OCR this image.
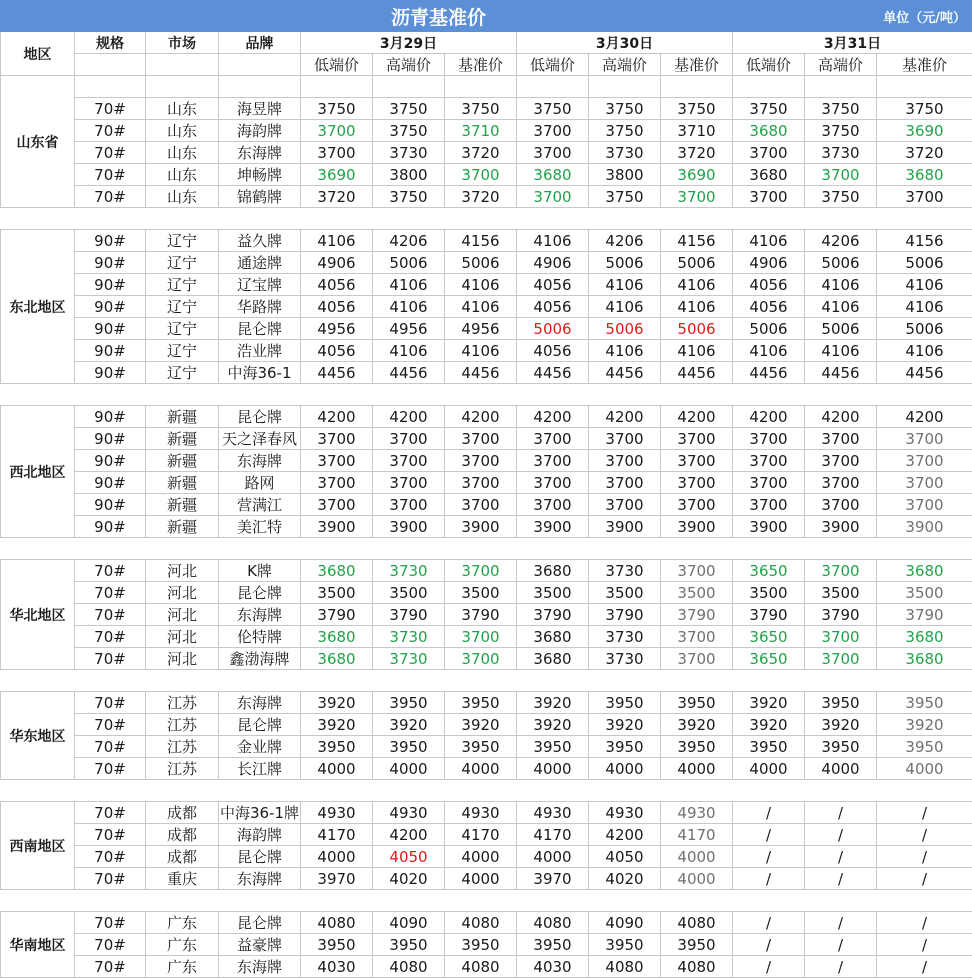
沥青基准价												单位（元/吨）
地区	规格	市场	品牌	3月29日			3月30日			3月31日		
				低端价	高端价	基准价	低端价	高端价	基准价	低端价	高端价	基准价
山东省												
	70#	山东	海昱牌	3750	3750	3750	3750	3750	3750	3750	3750	3750
	70#	山东	海韵牌	3700	3750	3710	3700	3750	3710	3680	3750	3690
	70#	山东	东海牌	3700	3730	3720	3700	3730	3720	3700	3730	3720
	70#	山东	坤畅牌	3690	3800	3700	3680	3800	3690	3680	3700	3680
	70#	山东	锦鹤牌	3720	3750	3720	3700	3750	3700	3700	3750	3700

东北地区	90#	辽宁	益久牌	4106	4206	4156	4106	4206	4156	4106	4206	4156
	90#	辽宁	通途牌	4906	5006	5006	4906	5006	5006	4906	5006	5006
	90#	辽宁	辽宝牌	4056	4106	4106	4056	4106	4106	4056	4106	4106
	90#	辽宁	华路牌	4056	4106	4106	4056	4106	4106	4056	4106	4106
	90#	辽宁	昆仑牌	4956	4956	4956	5006	5006	5006	5006	5006	5006
	90#	辽宁	浩业牌	4056	4106	4106	4056	4106	4106	4106	4106	4106
	90#	辽宁	中海36-1	4456	4456	4456	4456	4456	4456	4456	4456	4456

西北地区	90#	新疆	昆仑牌	4200	4200	4200	4200	4200	4200	4200	4200	4200
	90#	新疆	天之泽春风	3700	3700	3700	3700	3700	3700	3700	3700	3700
	90#	新疆	东海牌	3700	3700	3700	3700	3700	3700	3700	3700	3700
	90#	新疆	路网	3700	3700	3700	3700	3700	3700	3700	3700	3700
	90#	新疆	营满江	3700	3700	3700	3700	3700	3700	3700	3700	3700
	90#	新疆	美汇特	3900	3900	3900	3900	3900	3900	3900	3900	3900

华北地区	70#	河北	K牌	3680	3730	3700	3680	3730	3700	3650	3700	3680
	70#	河北	昆仑牌	3500	3500	3500	3500	3500	3500	3500	3500	3500
	70#	河北	东海牌	3790	3790	3790	3790	3790	3790	3790	3790	3790
	70#	河北	伦特牌	3680	3730	3700	3680	3730	3700	3650	3700	3680
	70#	河北	鑫渤海牌	3680	3730	3700	3680	3730	3700	3650	3700	3680

华东地区	70#	江苏	东海牌	3920	3950	3950	3920	3950	3950	3920	3950	3950
	70#	江苏	昆仑牌	3920	3920	3920	3920	3920	3920	3920	3920	3920
	70#	江苏	金业牌	3950	3950	3950	3950	3950	3950	3950	3950	3950
	70#	江苏	长江牌	4000	4000	4000	4000	4000	4000	4000	4000	4000

西南地区	70#	成都	中海36-1牌	4930	4930	4930	4930	4930	4930	/	/	/
	70#	成都	海韵牌	4170	4200	4170	4170	4200	4170	/	/	/
	70#	成都	昆仑牌	4000	4050	4000	4000	4050	4000	/	/	/
	70#	重庆	东海牌	3970	4020	4000	3970	4020	4000	/	/	/

华南地区	70#	广东	昆仑牌	4080	4090	4080	4080	4090	4080	/	/	/
	70#	广东	益豪牌	3950	3950	3950	3950	3950	3950	/	/	/
	70#	广东	东海牌	4030	4080	4080	4030	4080	4080	/	/	/
